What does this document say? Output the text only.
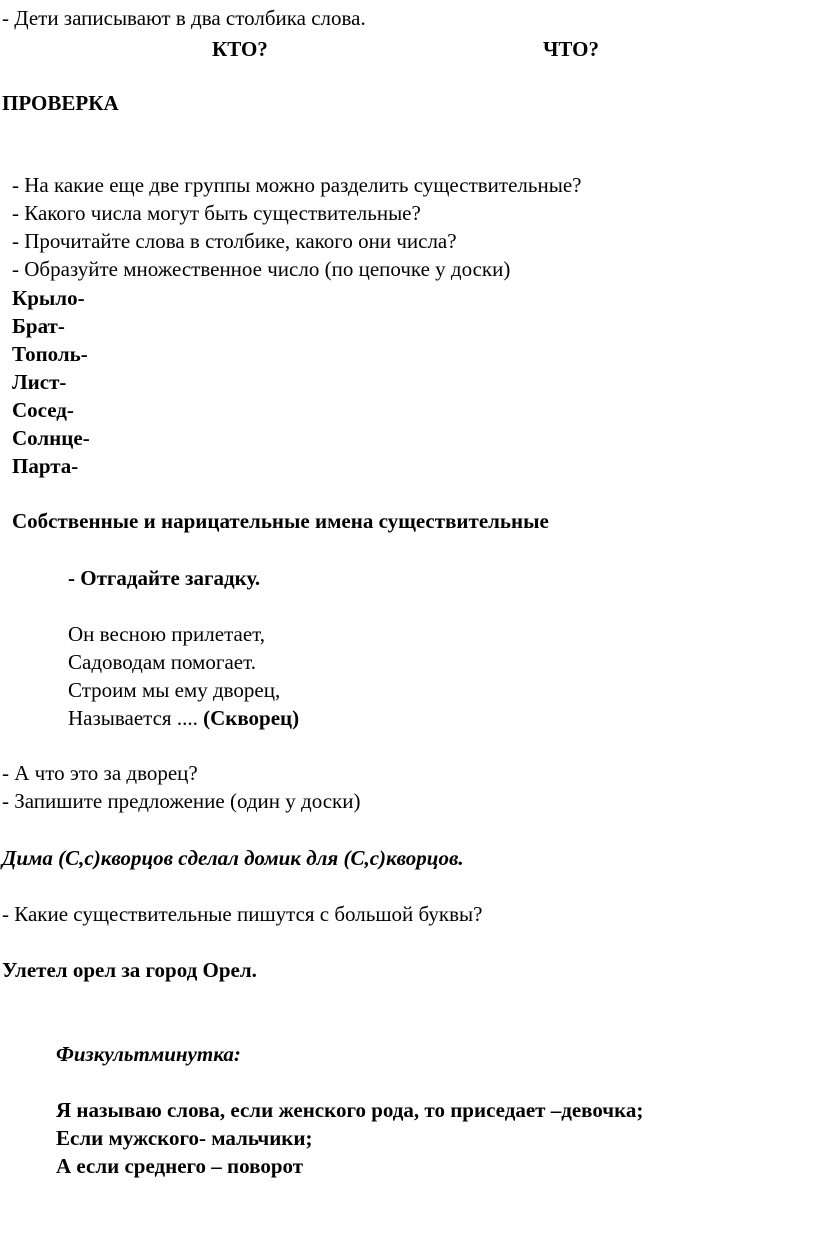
- Дети записывают в два столбика слова.
КТО?	ЧТО?
ПРОВЕРКА
- На какие еще две группы можно разделить существительные?
- Какого числа могут быть существительные?
- Прочитайте слова в столбике, какого они числа?
- Образуйте множественное число (по цепочке у доски)
Крыло-
Брат-
Тополь-
Лист-
Сосед-
Солнце-
Парта-
Собственные и нарицательные имена существительные
- Отгадайте загадку.
Он весною прилетает,
Садоводам помогает.
Строим мы ему дворец,
Называется .... (Скворец)
- А что это за дворец?
- Запишите предложение (один у доски)
Дима (С,с)кворцов сделал домик для (С,с)кворцов.
- Какие существительные пишутся с большой буквы?
Улетел орел за город Орел.
Физкультминутка:
Я называю слова, если женского рода, то приседает –девочка;
Если мужского- мальчики;
А если среднего – поворот
